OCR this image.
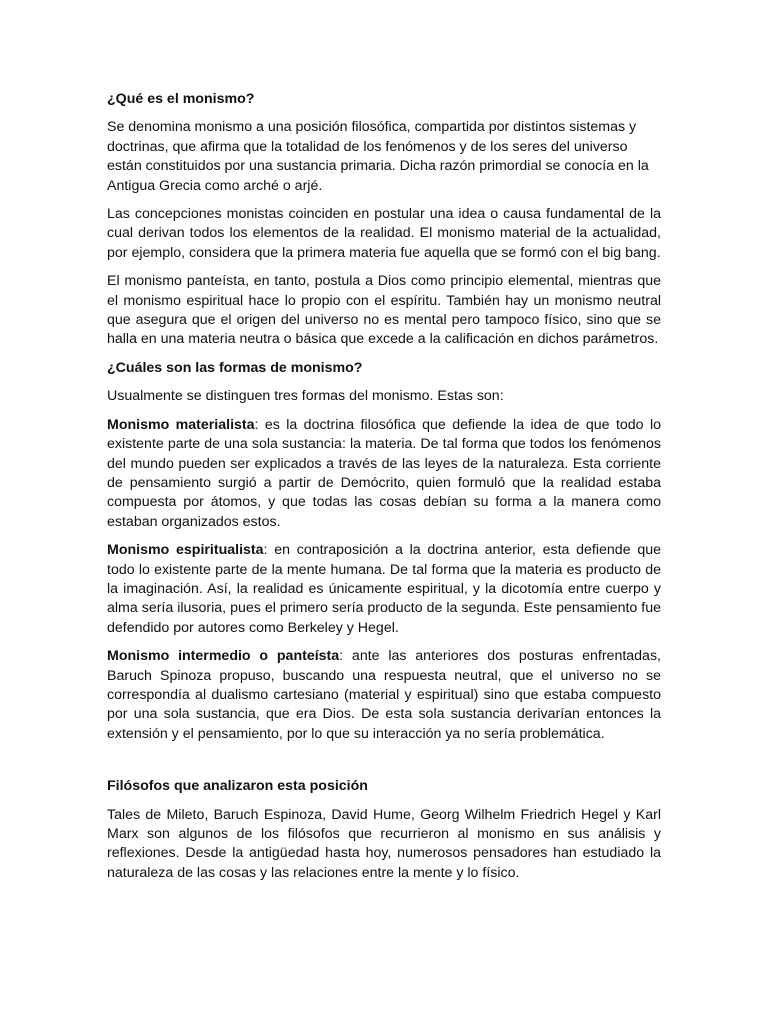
¿Qué es el monismo?

Se denomina monismo a una posición filosófica, compartida por distintos sistemas y doctrinas, que afirma que la totalidad de los fenómenos y de los seres del universo están constituidos por una sustancia primaria. Dicha razón primordial se conocía en la Antigua Grecia como arché o arjé.

Las concepciones monistas coinciden en postular una idea o causa fundamental de la cual derivan todos los elementos de la realidad. El monismo material de la actualidad, por ejemplo, considera que la primera materia fue aquella que se formó con el big bang.

El monismo panteísta, en tanto, postula a Dios como principio elemental, mientras que el monismo espiritual hace lo propio con el espíritu. También hay un monismo neutral que asegura que el origen del universo no es mental pero tampoco físico, sino que se halla en una materia neutra o básica que excede a la calificación en dichos parámetros.

¿Cuáles son las formas de monismo?

Usualmente se distinguen tres formas del monismo. Estas son:

Monismo materialista: es la doctrina filosófica que defiende la idea de que todo lo existente parte de una sola sustancia: la materia. De tal forma que todos los fenómenos del mundo pueden ser explicados a través de las leyes de la naturaleza. Esta corriente de pensamiento surgió a partir de Demócrito, quien formuló que la realidad estaba compuesta por átomos, y que todas las cosas debían su forma a la manera como estaban organizados estos.

Monismo espiritualista: en contraposición a la doctrina anterior, esta defiende que todo lo existente parte de la mente humana. De tal forma que la materia es producto de la imaginación. Así, la realidad es únicamente espiritual, y la dicotomía entre cuerpo y alma sería ilusoria, pues el primero sería producto de la segunda. Este pensamiento fue defendido por autores como Berkeley y Hegel.

Monismo intermedio o panteísta: ante las anteriores dos posturas enfrentadas, Baruch Spinoza propuso, buscando una respuesta neutral, que el universo no se correspondía al dualismo cartesiano (material y espiritual) sino que estaba compuesto por una sola sustancia, que era Dios. De esta sola sustancia derivarían entonces la extensión y el pensamiento, por lo que su interacción ya no sería problemática.

Filósofos que analizaron esta posición

Tales de Mileto, Baruch Espinoza, David Hume, Georg Wilhelm Friedrich Hegel y Karl Marx son algunos de los filósofos que recurrieron al monismo en sus análisis y reflexiones. Desde la antigüedad hasta hoy, numerosos pensadores han estudiado la naturaleza de las cosas y las relaciones entre la mente y lo físico.
